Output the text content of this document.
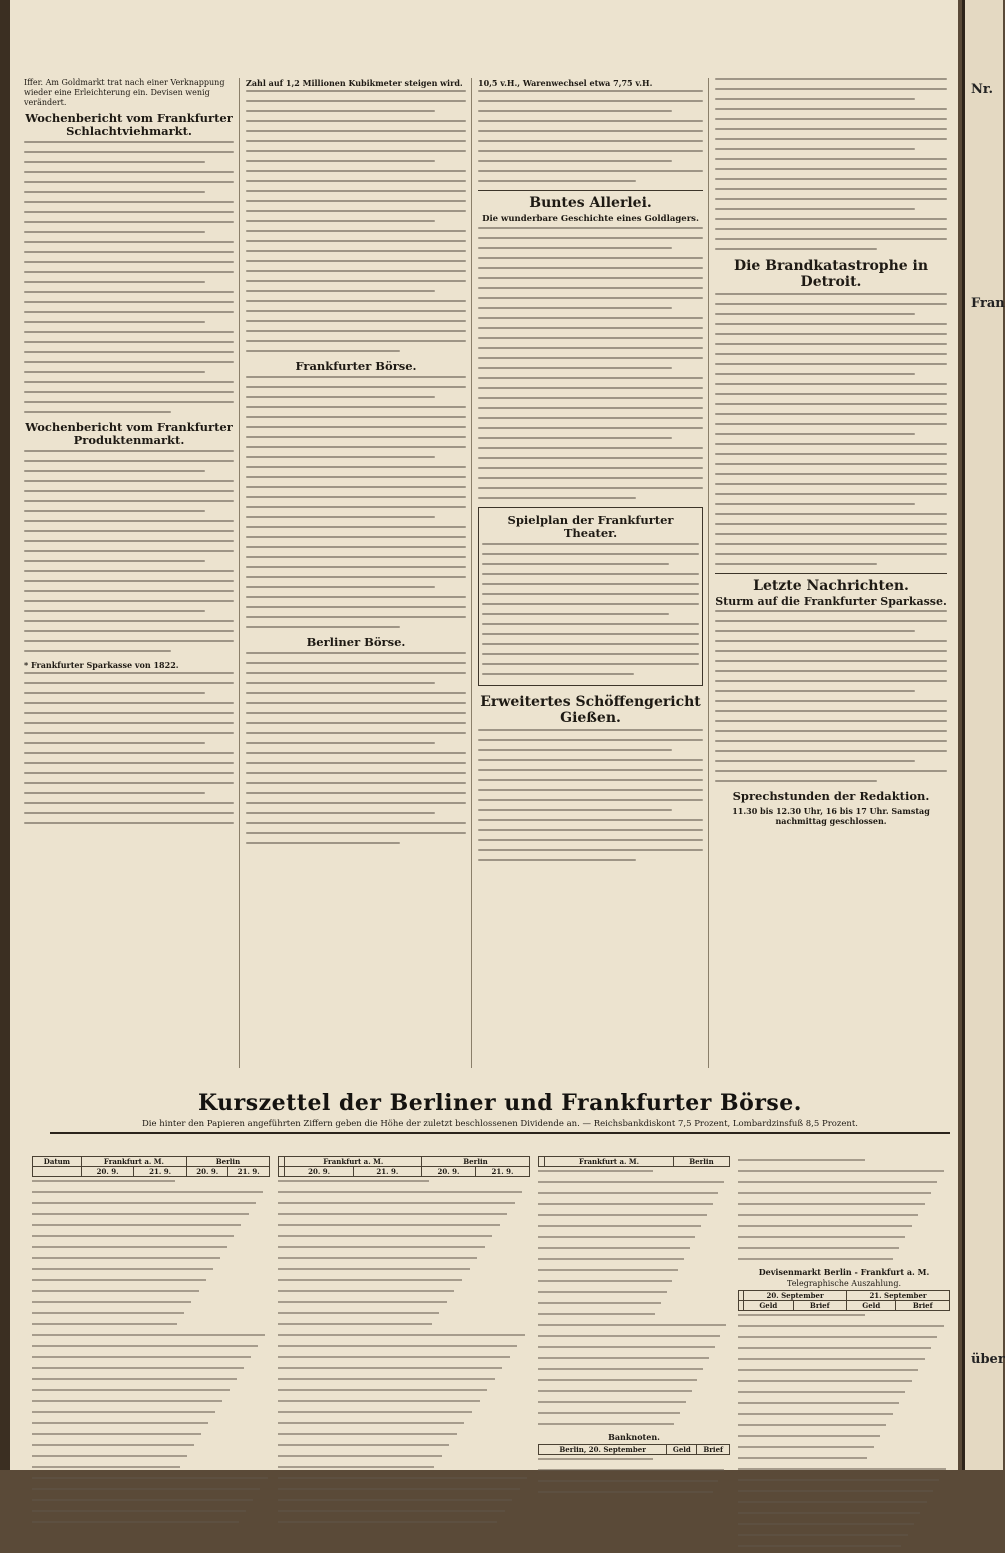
Iffer. Am Goldmarkt trat nach einer Verknappung wieder eine Erleichterung ein. Devisen wenig verändert.

Wochenbericht vom Frankfurter Schlachtviehmarkt.
Wochenbericht vom Frankfurter Produktenmarkt.

* Frankfurter Sparkasse von 1822.

Zahl auf 1,2 Millionen Kubikmeter steigen wird.

Frankfurter Börse.
Berliner Börse.

10,5 v.H., Warenwechsel etwa 7,75 v.H.

Buntes Allerlei.
Die wunderbare Geschichte eines Goldlagers.
Spielplan der Frankfurter Theater.
Erweitertes Schöffengericht Gießen.
Die Brandkatastrophe in Detroit.
Letzte Nachrichten.
Sturm auf die Frankfurter Sparkasse.
Sprechstunden der Redaktion.

11.30 bis 12.30 Uhr, 16 bis 17 Uhr. Samstag nachmittag geschlossen.

Kurszettel der Berliner und Frankfurter Börse.
Die hinter den Papieren angeführten Ziffern geben die Höhe der zuletzt beschlossenen Dividende an. — Reichsbankdiskont 7,5 Prozent, Lombardzinsfuß 8,5 Prozent.
Datum	Frankfurt a. M.		Berlin	
	20. 9.	21. 9.	20. 9.	21. 9.
	Frankfurt a. M.		Berlin	
	20. 9.	21. 9.	20. 9.	21. 9.
	Frankfurt a. M.	Berlin
Banknoten.
Berlin, 20. September	Geld	Brief
Devisenmarkt Berlin - Frankfurt a. M.
Telegraphische Auszahlung.
	20. September		21. September	
	Geld	Brief	Geld	Brief
Nr.
Fran
über
